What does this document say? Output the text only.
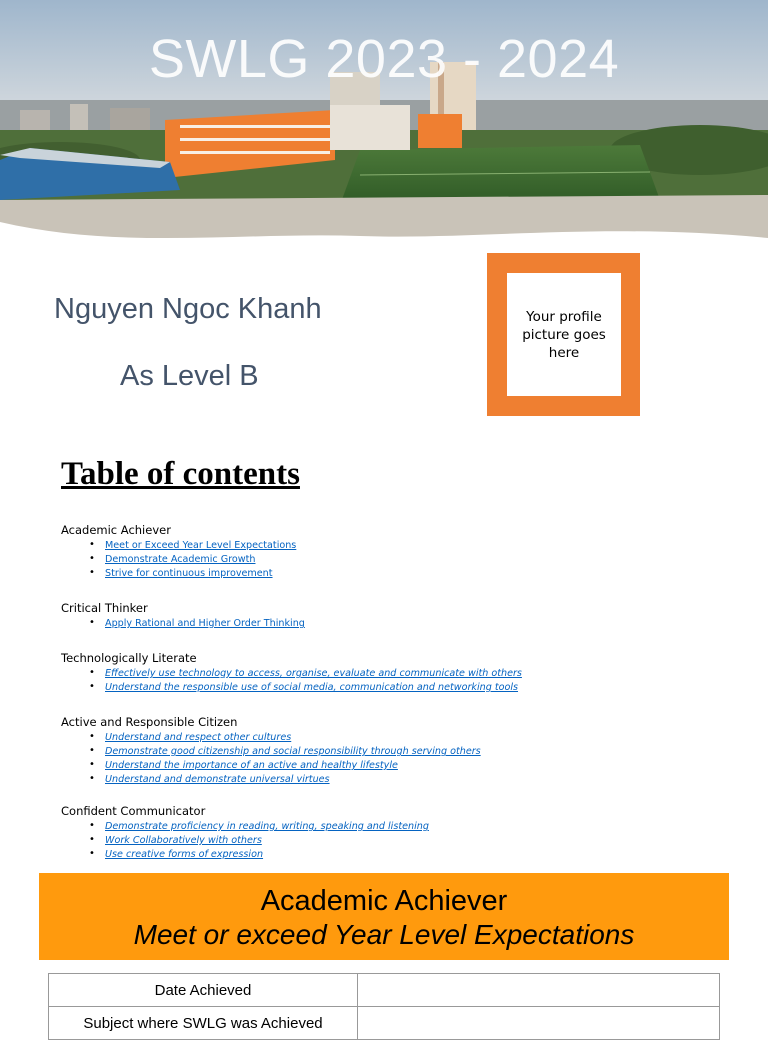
SWLG 2023 - 2024
Nguyen Ngoc Khanh
As Level B
Your profile picture goes here
Table of contents
Academic Achiever
• Meet or Exceed Year Level Expectations
• Demonstrate Academic Growth
• Strive for continuous improvement
Critical Thinker
• Apply Rational and Higher Order Thinking
Technologically Literate
• Effectively use technology to access, organise, evaluate and communicate with others
• Understand the responsible use of social media, communication and networking tools
Active and Responsible Citizen
• Understand and respect other cultures
• Demonstrate good citizenship and social responsibility through serving others
• Understand the importance of an active and healthy lifestyle
• Understand and demonstrate universal virtues
Confident Communicator
• Demonstrate proficiency in reading, writing, speaking and listening
• Work Collaboratively with others
• Use creative forms of expression
Academic Achiever
Meet or exceed Year Level Expectations
Date Achieved	
Subject where SWLG was Achieved	
